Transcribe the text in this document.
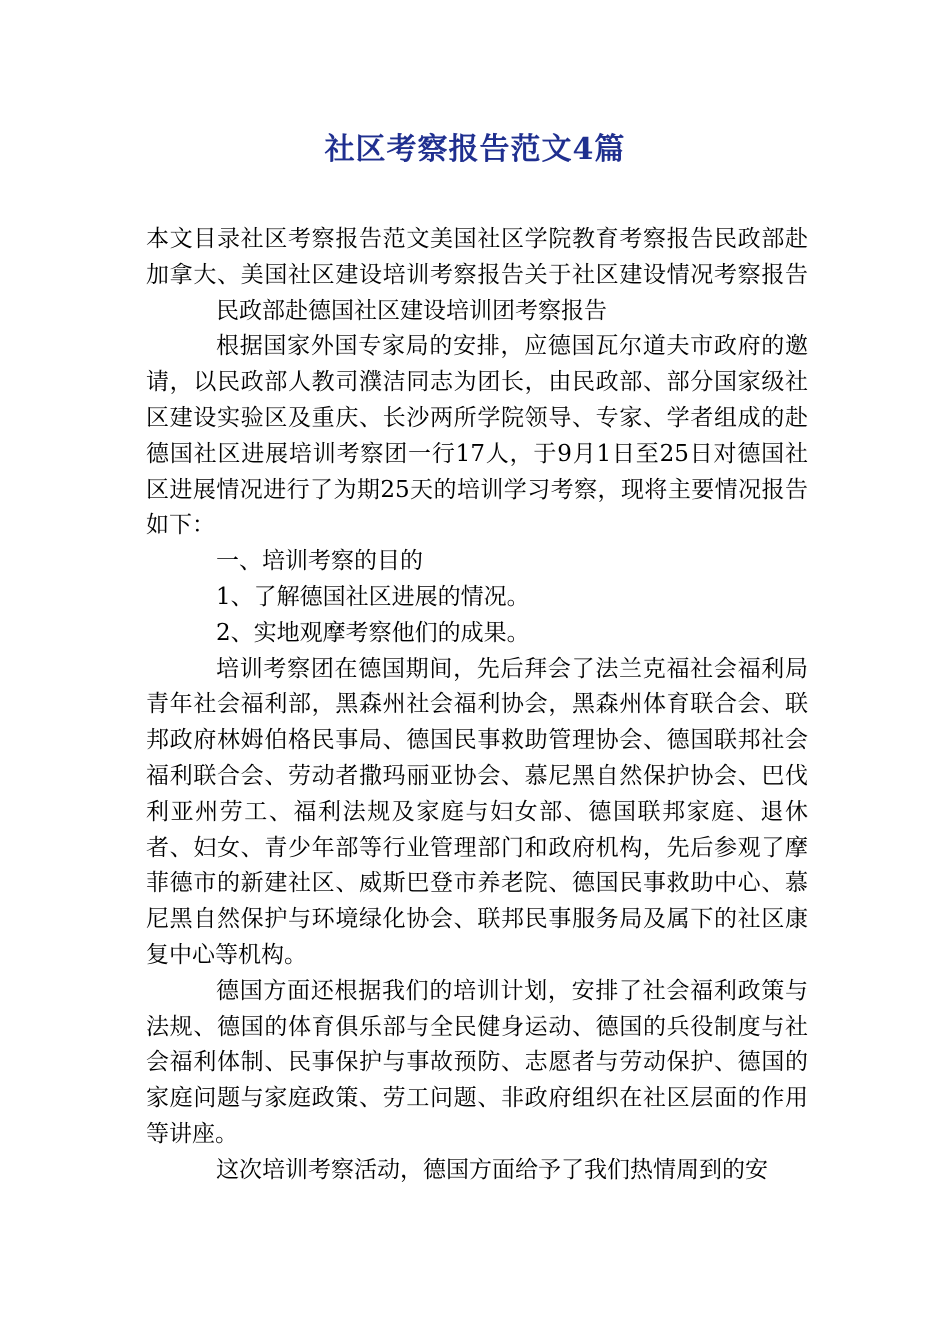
社区考察报告范文4篇

本文目录社区考察报告范文美国社区学院教育考察报告民政部赴加拿大、美国社区建设培训考察报告关于社区建设情况考察报告民政部赴德国社区建设培训团考察报告

根据国家外国专家局的安排，应德国瓦尔道夫市政府的邀请，以民政部人教司濮洁同志为团长，由民政部、部分国家级社区建设实验区及重庆、长沙两所学院领导、专家、学者组成的赴德国社区进展培训考察团一行17人，于9月1日至25日对德国社区进展情况进行了为期25天的培训学习考察，现将主要情况报告如下：

一、培训考察的目的

1、了解德国社区进展的情况。

2、实地观摩考察他们的成果。

培训考察团在德国期间，先后拜会了法兰克福社会福利局青年社会福利部，黑森州社会福利协会，黑森州体育联合会、联邦政府林姆伯格民事局、德国民事救助管理协会、德国联邦社会福利联合会、劳动者撒玛丽亚协会、慕尼黑自然保护协会、巴伐利亚州劳工、福利法规及家庭与妇女部、德国联邦家庭、退休者、妇女、青少年部等行业管理部门和政府机构，先后参观了摩菲德市的新建社区、威斯巴登市养老院、德国民事救助中心、慕尼黑自然保护与环境绿化协会、联邦民事服务局及属下的社区康复中心等机构。

德国方面还根据我们的培训计划，安排了社会福利政策与法规、德国的体育俱乐部与全民健身运动、德国的兵役制度与社会福利体制、民事保护与事故预防、志愿者与劳动保护、德国的家庭问题与家庭政策、劳工问题、非政府组织在社区层面的作用等讲座。

这次培训考察活动，德国方面给予了我们热情周到的安
